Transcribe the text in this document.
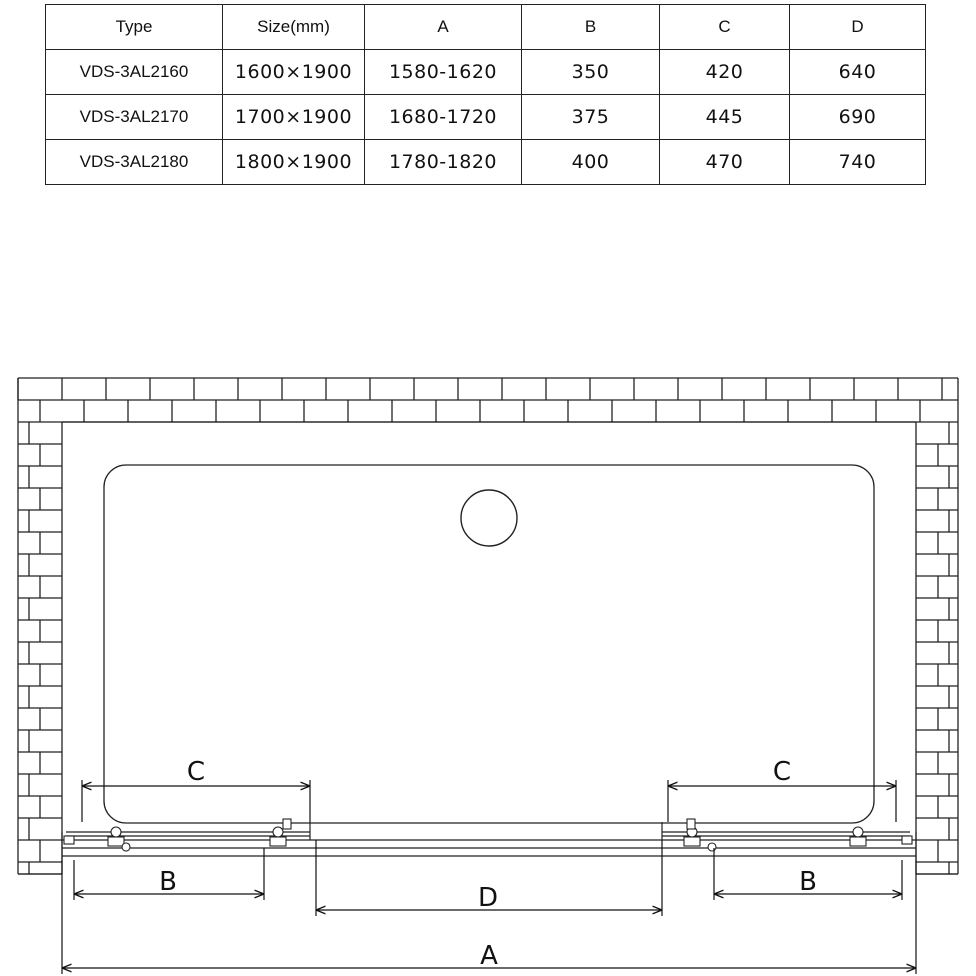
Type	Size(mm)	A	B	C	D
VDS-3AL2160	1600×1900	1580-1620	350	420	640
VDS-3AL2170	1700×1900	1680-1720	375	445	690
VDS-3AL2180	1800×1900	1780-1820	400	470	740
C	C
B	B
D
A
